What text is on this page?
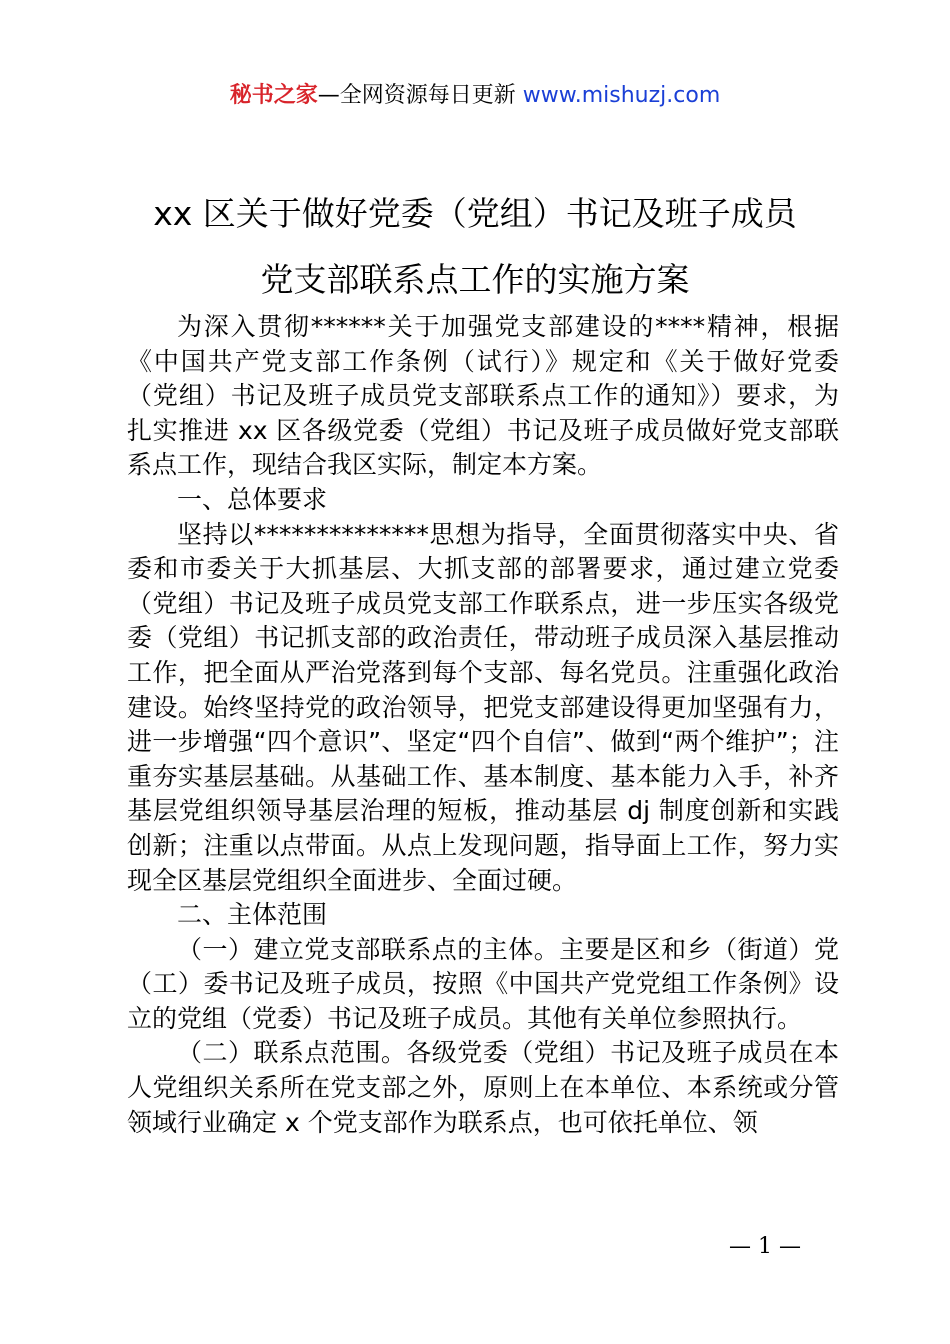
秘书之家—全网资源每日更新 www.mishuzj.com
xx 区关于做好党委（党组）书记及班子成员
党支部联系点工作的实施方案

为深入贯彻******关于加强党支部建设的****精神，根据《中国共产党支部工作条例（试行）》规定和《关于做好党委（党组）书记及班子成员党支部联系点工作的通知》）要求，为扎实推进 xx 区各级党委（党组）书记及班子成员做好党支部联系点工作，现结合我区实际，制定本方案。

一、总体要求

坚持以**************思想为指导，全面贯彻落实中央、省委和市委关于大抓基层、大抓支部的部署要求，通过建立党委（党组）书记及班子成员党支部工作联系点，进一步压实各级党委（党组）书记抓支部的政治责任，带动班子成员深入基层推动工作，把全面从严治党落到每个支部、每名党员。注重强化政治建设。始终坚持党的政治领导，把党支部建设得更加坚强有力，进一步增强“四个意识”、坚定“四个自信”、做到“两个维护”；注重夯实基层基础。从基础工作、基本制度、基本能力入手，补齐基层党组织领导基层治理的短板，推动基层 dj 制度创新和实践创新；注重以点带面。从点上发现问题，指导面上工作，努力实现全区基层党组织全面进步、全面过硬。

二、主体范围

（一）建立党支部联系点的主体。主要是区和乡（街道）党（工）委书记及班子成员，按照《中国共产党党组工作条例》设立的党组（党委）书记及班子成员。其他有关单位参照执行。

（二）联系点范围。各级党委（党组）书记及班子成员在本人党组织关系所在党支部之外，原则上在本单位、本系统或分管领域行业确定 x 个党支部作为联系点，也可依托单位、领

— 1 —
